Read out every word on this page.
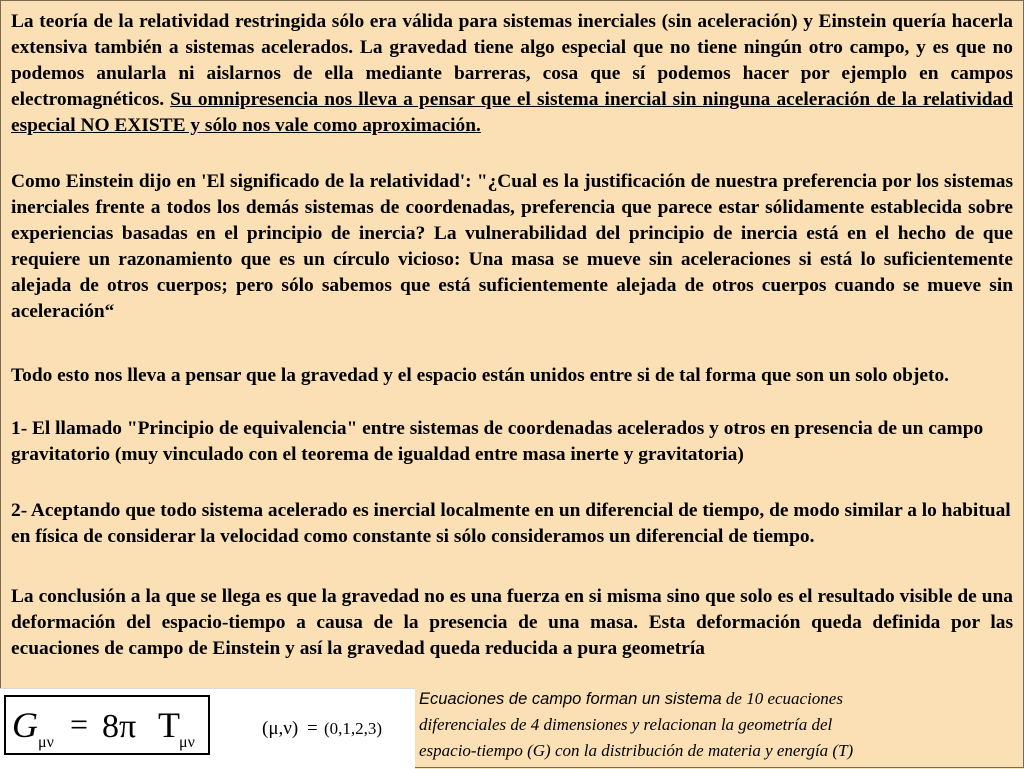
La teoría de la relatividad restringida sólo era válida para sistemas inerciales (sin aceleración) y Einstein quería hacerla extensiva también a sistemas acelerados. La gravedad tiene algo especial que no tiene ningún otro campo, y es que no podemos anularla ni aislarnos de ella mediante barreras, cosa que sí podemos hacer por ejemplo en campos electromagnéticos. Su omnipresencia nos lleva a pensar que el sistema inercial sin ninguna aceleración de la relatividad especial NO EXISTE y sólo nos vale como aproximación.

Como Einstein dijo en 'El significado de la relatividad': "¿Cual es la justificación de nuestra preferencia por los sistemas inerciales frente a todos los demás sistemas de coordenadas, preferencia que parece estar sólidamente establecida sobre experiencias basadas en el principio de inercia? La vulnerabilidad del principio de inercia está en el hecho de que requiere un razonamiento que es un círculo vicioso: Una masa se mueve sin aceleraciones si está lo suficientemente alejada de otros cuerpos; pero sólo sabemos que está suficientemente alejada de otros cuerpos cuando se mueve sin aceleración“

Todo esto nos lleva a pensar que la gravedad y el espacio están unidos entre si de tal forma que son un solo objeto.

1- El llamado "Principio de equivalencia" entre sistemas de coordenadas acelerados y otros en presencia de un campo gravitatorio (muy vinculado con el teorema de igualdad entre masa inerte y gravitatoria)

2- Aceptando que todo sistema acelerado es inercial localmente en un diferencial de tiempo, de modo similar a lo habitual en física de considerar la velocidad como constante si sólo consideramos un diferencial de tiempo.

La conclusión a la que se llega es que la gravedad no es una fuerza en si misma sino que solo es el resultado visible de una deformación del espacio-tiempo a causa de la presencia de una masa. Esta deformación queda definida por las ecuaciones de campo de Einstein y así la gravedad queda reducida a pura geometría

G μν
= 8π T μν
(μ,ν) = (0,1,2,3)
Ecuaciones de campo forman un sistema de 10 ecuaciones
diferenciales de 4 dimensiones y relacionan la geometría del
espacio-tiempo (G) con la distribución de materia y energía (T)
